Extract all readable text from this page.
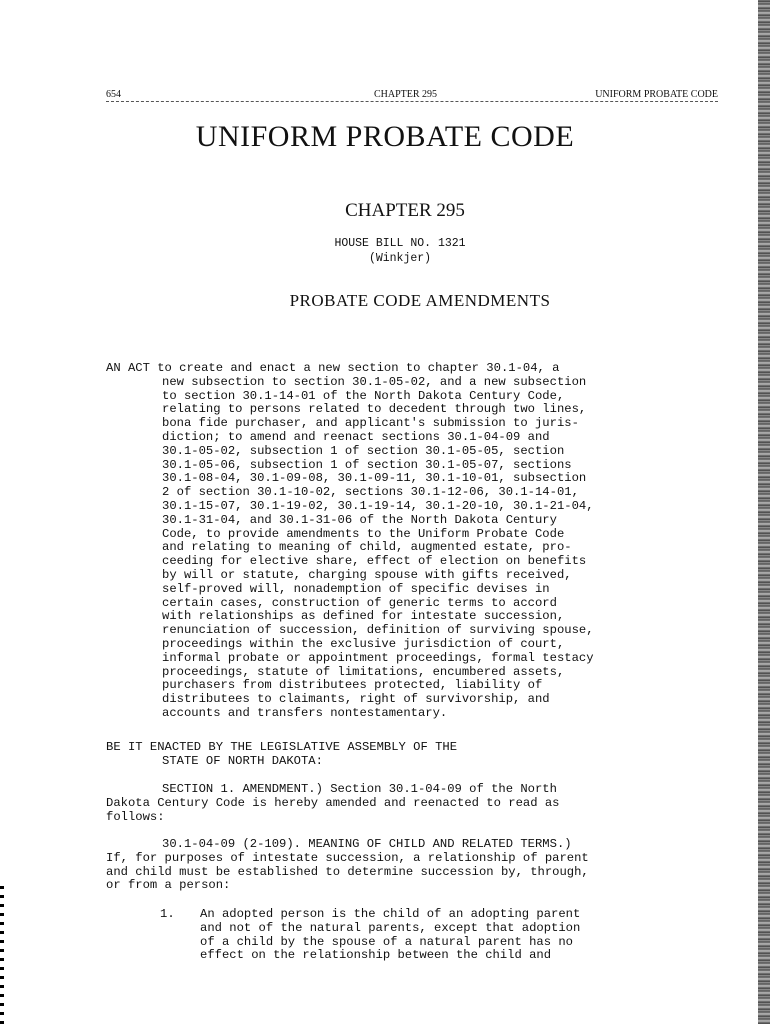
654	CHAPTER 295	UNIFORM PROBATE CODE
UNIFORM PROBATE CODE
CHAPTER 295
HOUSE BILL NO. 1321
(Winkjer)
PROBATE CODE AMENDMENTS

AN ACT to create and enact a new section to chapter 30.1-04, a

new subsection to section 30.1-05-02, and a new subsection

to section 30.1-14-01 of the North Dakota Century Code,

relating to persons related to decedent through two lines,

bona fide purchaser, and applicant's submission to juris-

diction; to amend and reenact sections 30.1-04-09 and

30.1-05-02, subsection 1 of section 30.1-05-05, section

30.1-05-06, subsection 1 of section 30.1-05-07, sections

30.1-08-04, 30.1-09-08, 30.1-09-11, 30.1-10-01, subsection

2 of section 30.1-10-02, sections 30.1-12-06, 30.1-14-01,

30.1-15-07, 30.1-19-02, 30.1-19-14, 30.1-20-10, 30.1-21-04,

30.1-31-04, and 30.1-31-06 of the North Dakota Century

Code, to provide amendments to the Uniform Probate Code

and relating to meaning of child, augmented estate, pro-

ceeding for elective share, effect of election on benefits

by will or statute, charging spouse with gifts received,

self-proved will, nonademption of specific devises in

certain cases, construction of generic terms to accord

with relationships as defined for intestate succession,

renunciation of succession, definition of surviving spouse,

proceedings within the exclusive jurisdiction of court,

informal probate or appointment proceedings, formal testacy

proceedings, statute of limitations, encumbered assets,

purchasers from distributees protected, liability of

distributees to claimants, right of survivorship, and

accounts and transfers nontestamentary.

BE IT ENACTED BY THE LEGISLATIVE ASSEMBLY OF THE

STATE OF NORTH DAKOTA:

SECTION 1. AMENDMENT.) Section 30.1-04-09 of the North

Dakota Century Code is hereby amended and reenacted to read as

follows:

30.1-04-09 (2-109). MEANING OF CHILD AND RELATED TERMS.)

If, for purposes of intestate succession, a relationship of parent

and child must be established to determine succession by, through,

or from a person:

1. An adopted person is the child of an adopting parent

and not of the natural parents, except that adoption

of a child by the spouse of a natural parent has no

effect on the relationship between the child and
